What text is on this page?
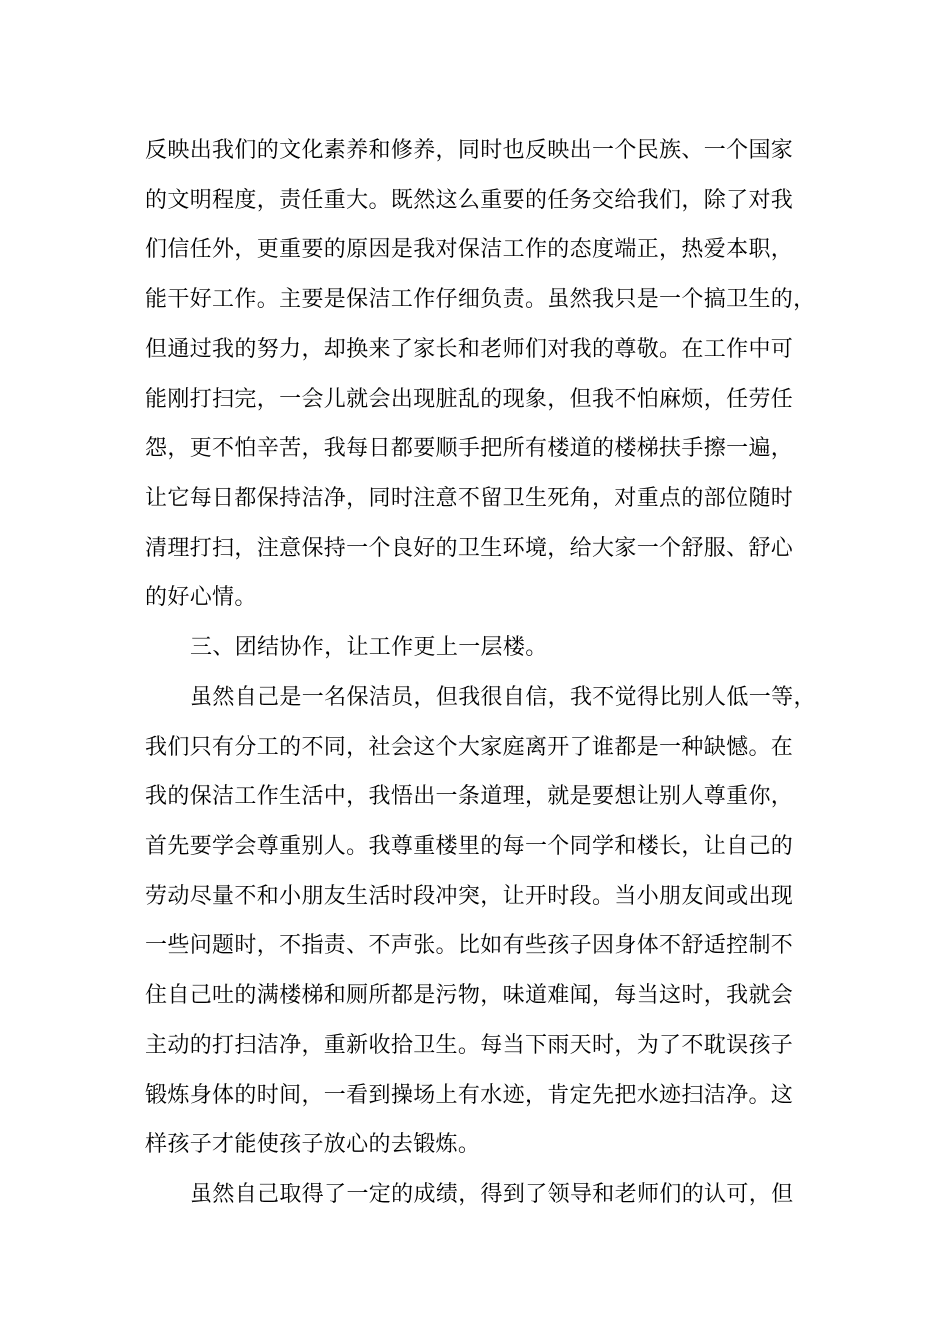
反映出我们的文化素养和修养，同时也反映出一个民族、一个国家
的文明程度，责任重大。既然这么重要的任务交给我们，除了对我
们信任外，更重要的原因是我对保洁工作的态度端正，热爱本职，
能干好工作。主要是保洁工作仔细负责。虽然我只是一个搞卫生的，
但通过我的努力，却换来了家长和老师们对我的尊敬。在工作中可
能刚打扫完，一会儿就会出现脏乱的现象，但我不怕麻烦，任劳任
怨，更不怕辛苦，我每日都要顺手把所有楼道的楼梯扶手擦一遍，
让它每日都保持洁净，同时注意不留卫生死角，对重点的部位随时
清理打扫，注意保持一个良好的卫生环境，给大家一个舒服、舒心
的好心情。
三、团结协作，让工作更上一层楼。
虽然自己是一名保洁员，但我很自信，我不觉得比别人低一等，
我们只有分工的不同，社会这个大家庭离开了谁都是一种缺憾。在
我的保洁工作生活中，我悟出一条道理，就是要想让别人尊重你，
首先要学会尊重别人。我尊重楼里的每一个同学和楼长，让自己的
劳动尽量不和小朋友生活时段冲突，让开时段。当小朋友间或出现
一些问题时，不指责、不声张。比如有些孩子因身体不舒适控制不
住自己吐的满楼梯和厕所都是污物，味道难闻，每当这时，我就会
主动的打扫洁净，重新收拾卫生。每当下雨天时，为了不耽误孩子
锻炼身体的时间，一看到操场上有水迹，肯定先把水迹扫洁净。这
样孩子才能使孩子放心的去锻炼。
虽然自己取得了一定的成绩，得到了领导和老师们的认可，但
